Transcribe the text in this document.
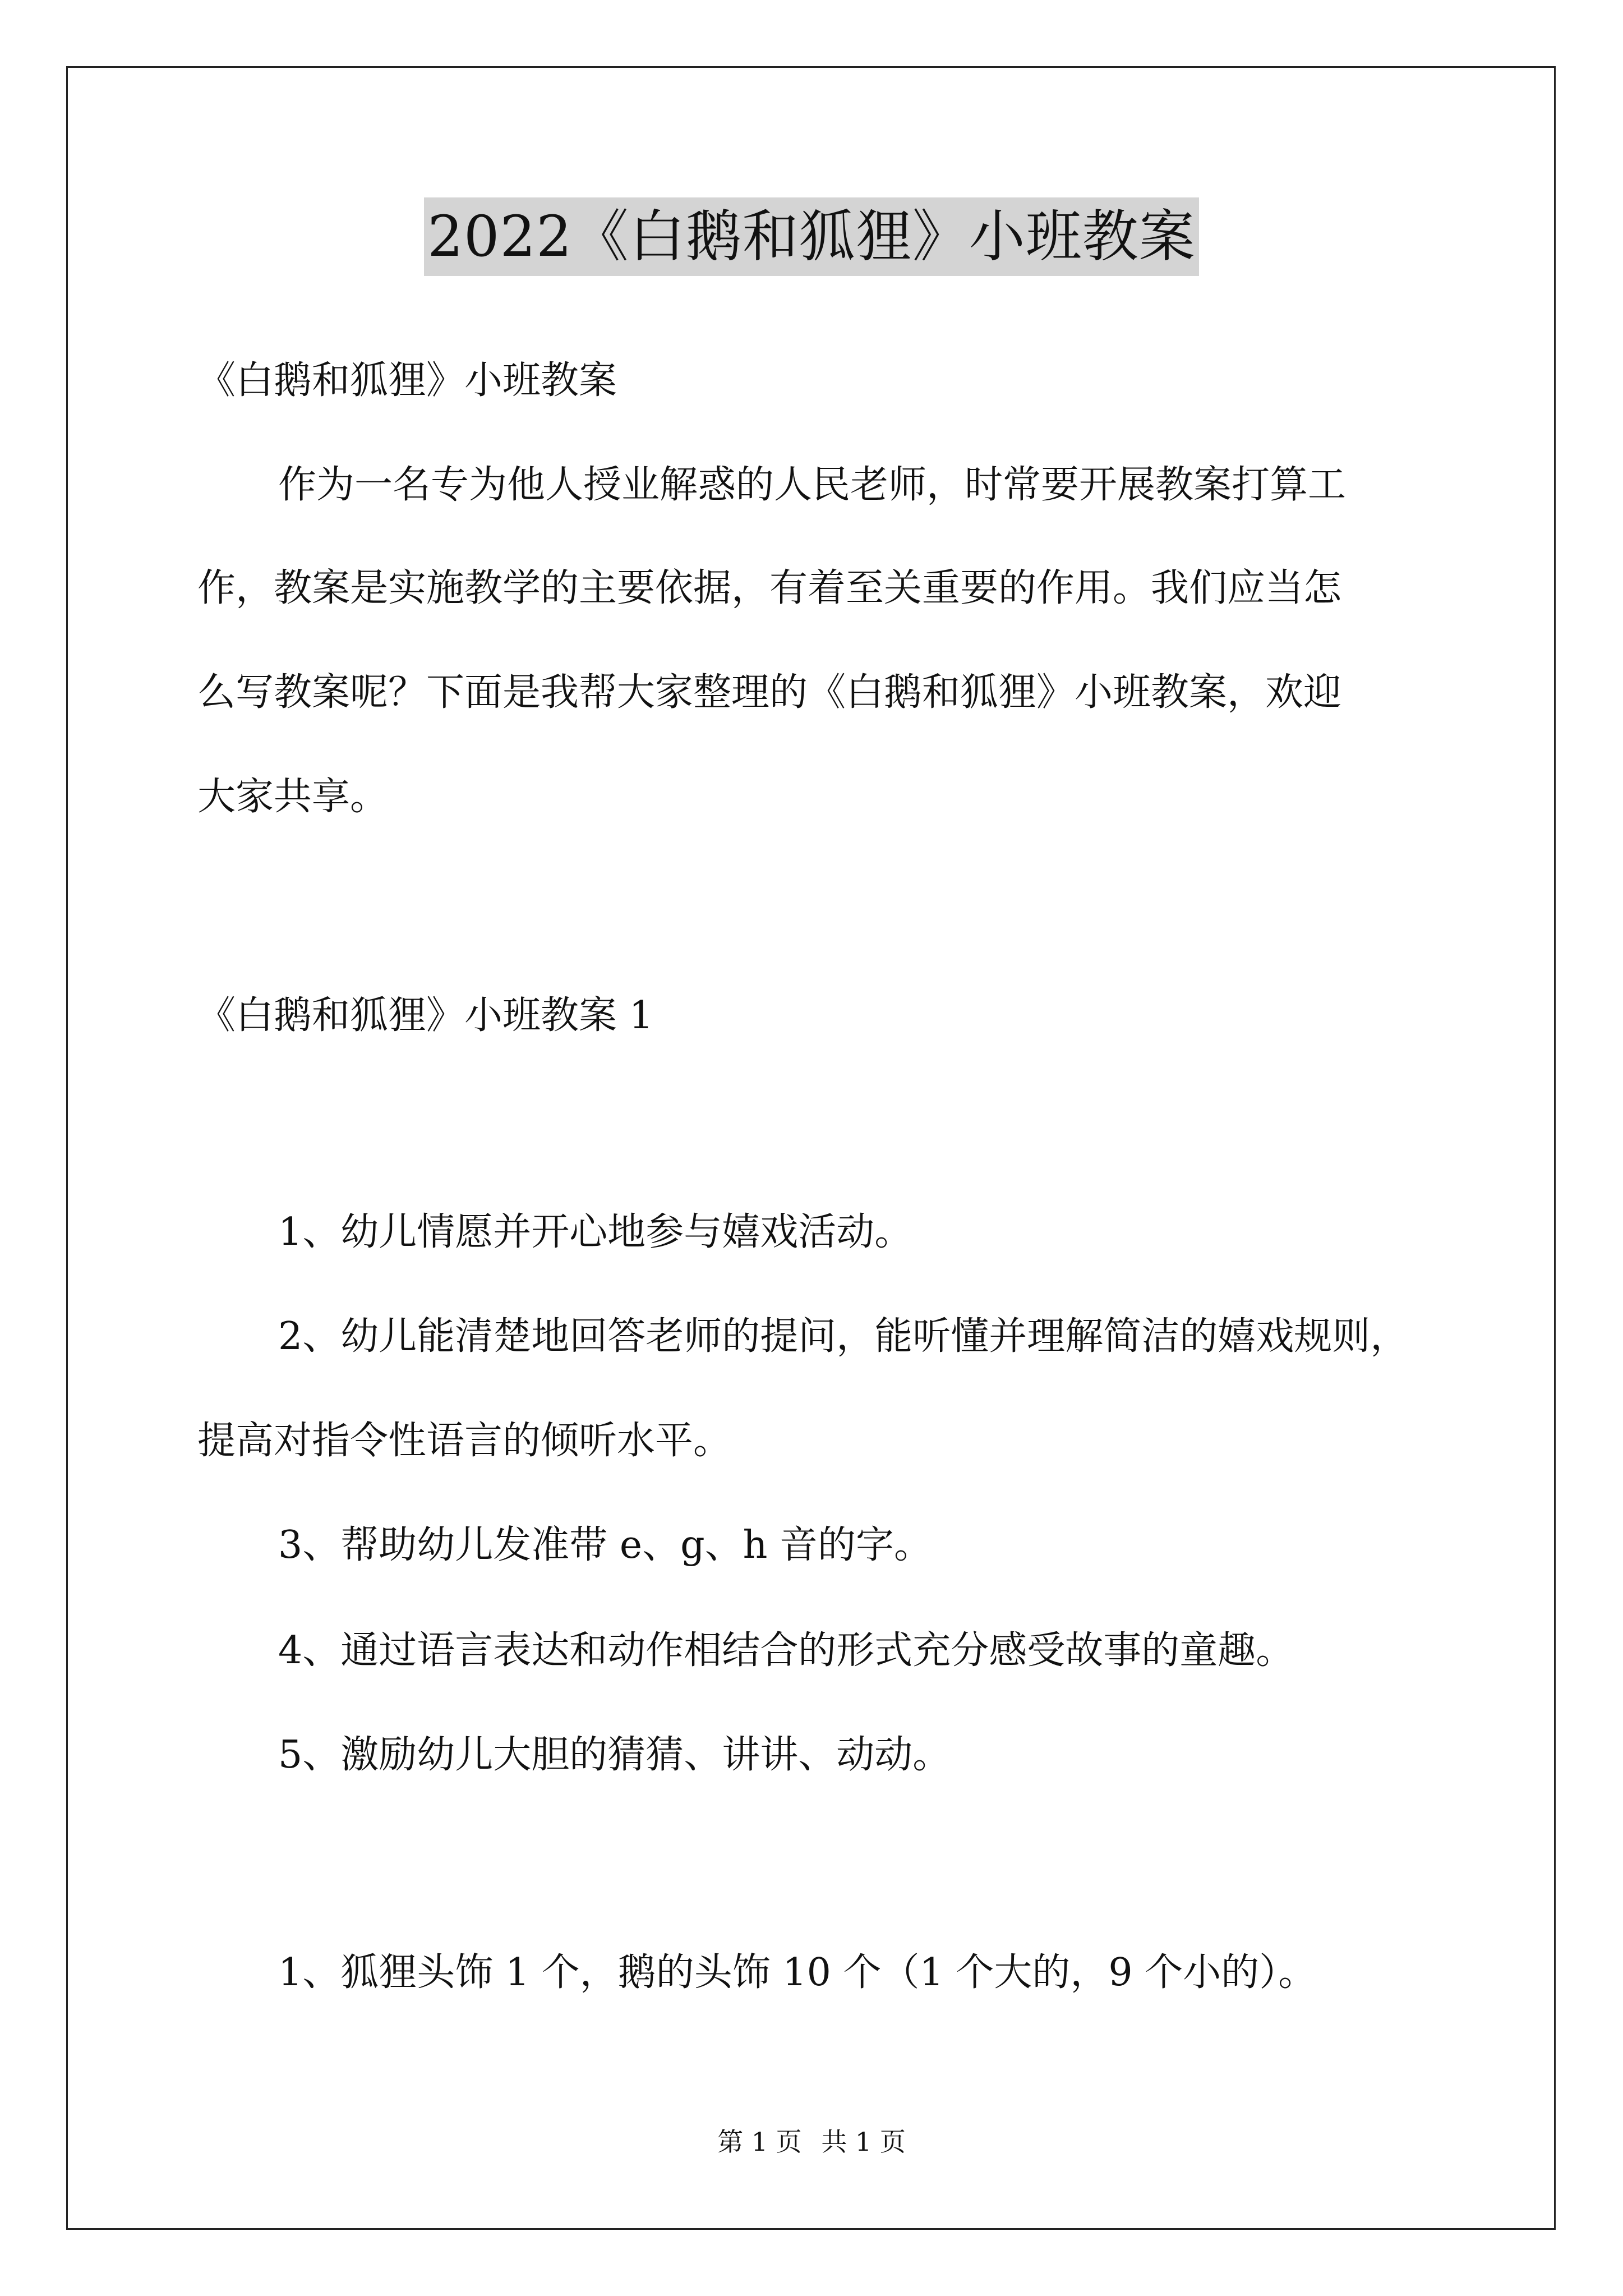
2022《白鹅和狐狸》小班教案
《白鹅和狐狸》小班教案
作为一名专为他人授业解惑的人民老师，时常要开展教案打算工
作，教案是实施教学的主要依据，有着至关重要的作用。我们应当怎
么写教案呢？下面是我帮大家整理的《白鹅和狐狸》小班教案，欢迎
大家共享。
《白鹅和狐狸》小班教案 1
1、幼儿情愿并开心地参与嬉戏活动。
2、幼儿能清楚地回答老师的提问，能听懂并理解简洁的嬉戏规则，
提高对指令性语言的倾听水平。
3、帮助幼儿发准带 e、g、h 音的字。
4、通过语言表达和动作相结合的形式充分感受故事的童趣。
5、激励幼儿大胆的猜猜、讲讲、动动。
1、狐狸头饰 1 个，鹅的头饰 10 个（1 个大的，9 个小的）。
第 1 页 共 1 页
